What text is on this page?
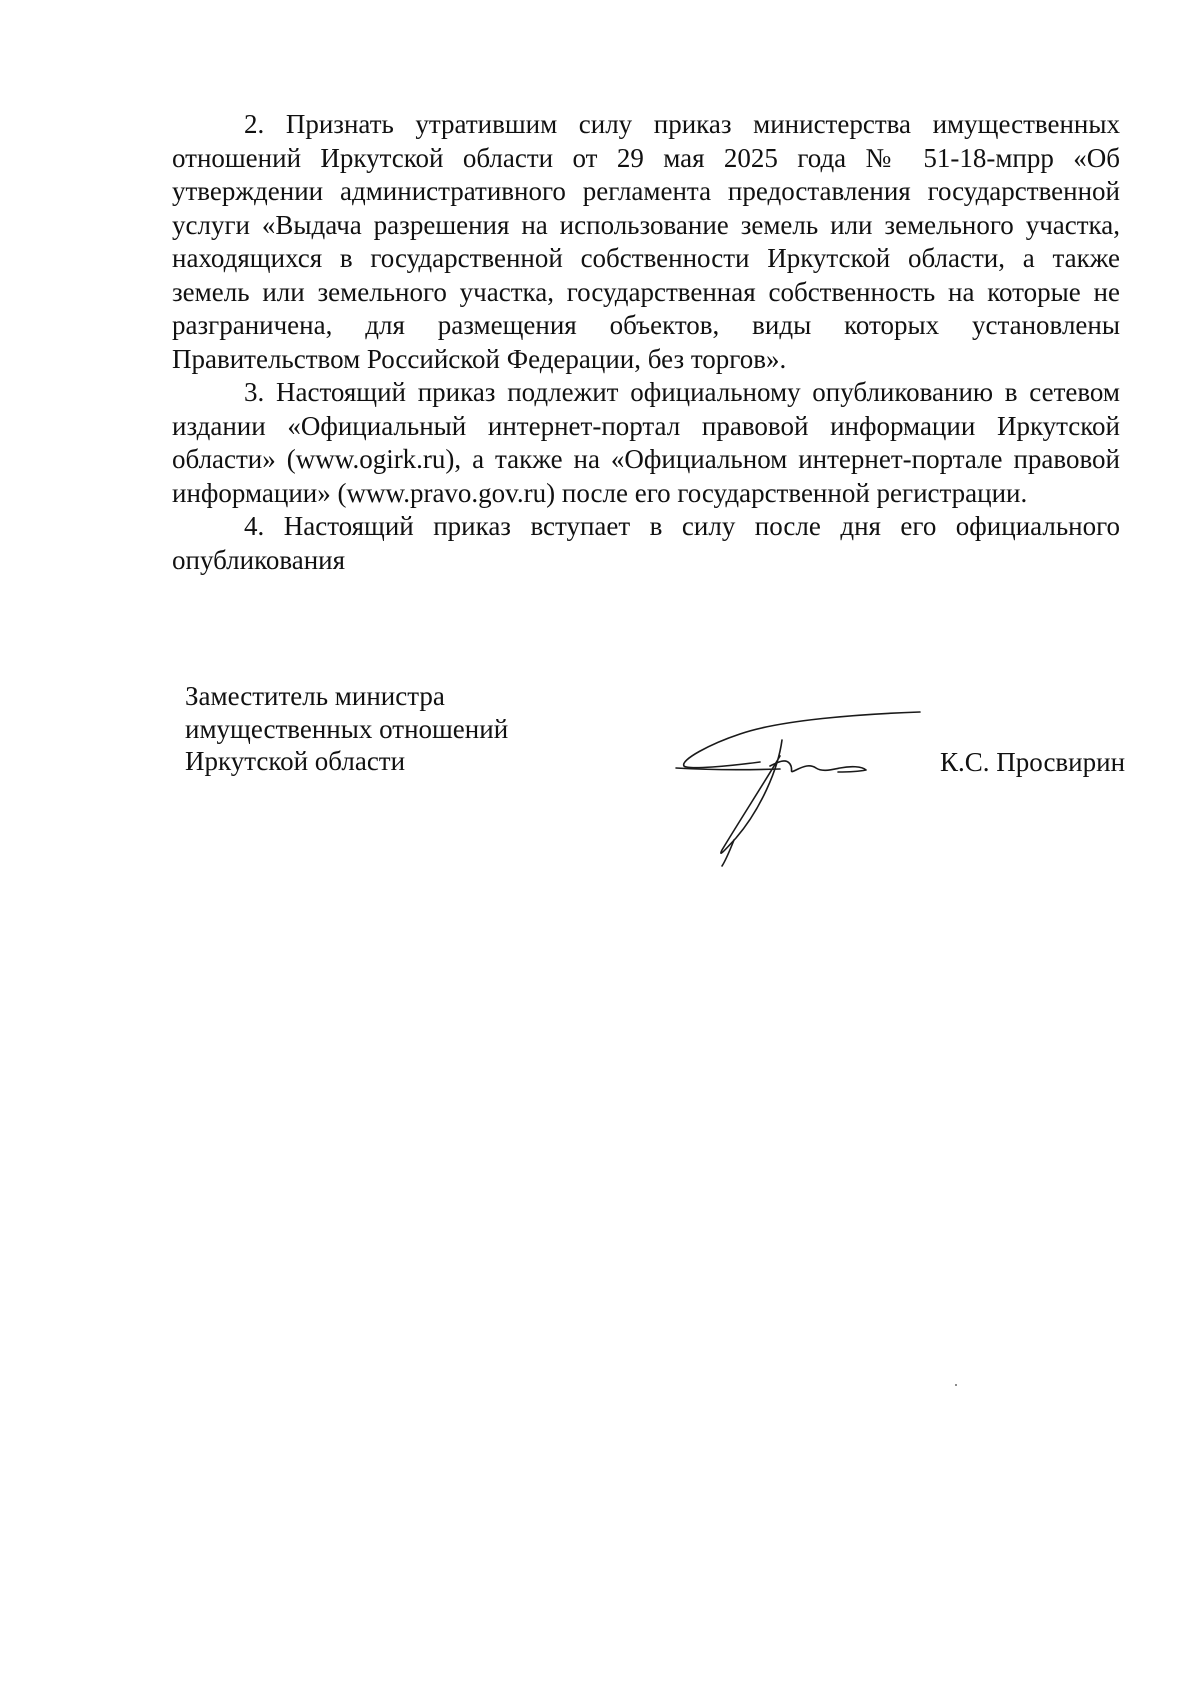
2. Признать утратившим силу приказ министерства имущественных отношений Иркутской области от 29 мая 2025 года № 51-18-мпрр «Об утверждении административного регламента предоставления государственной услуги «Выдача разрешения на использование земель или земельного участка, находящихся в государственной собственности Иркутской области, а также земель или земельного участка, государственная собственность на которые не разграничена, для размещения объектов, виды которых установлены Правительством Российской Федерации, без торгов».

3. Настоящий приказ подлежит официальному опубликованию в сетевом издании «Официальный интернет-портал правовой информации Иркутской области» (www.ogirk.ru), а также на «Официальном интернет-портале правовой информации» (www.pravo.gov.ru) после его государственной регистрации.

4. Настоящий приказ вступает в силу после дня его официального опубликования

Заместитель министра
имущественных отношений
Иркутской области	К.С. Просвирин
